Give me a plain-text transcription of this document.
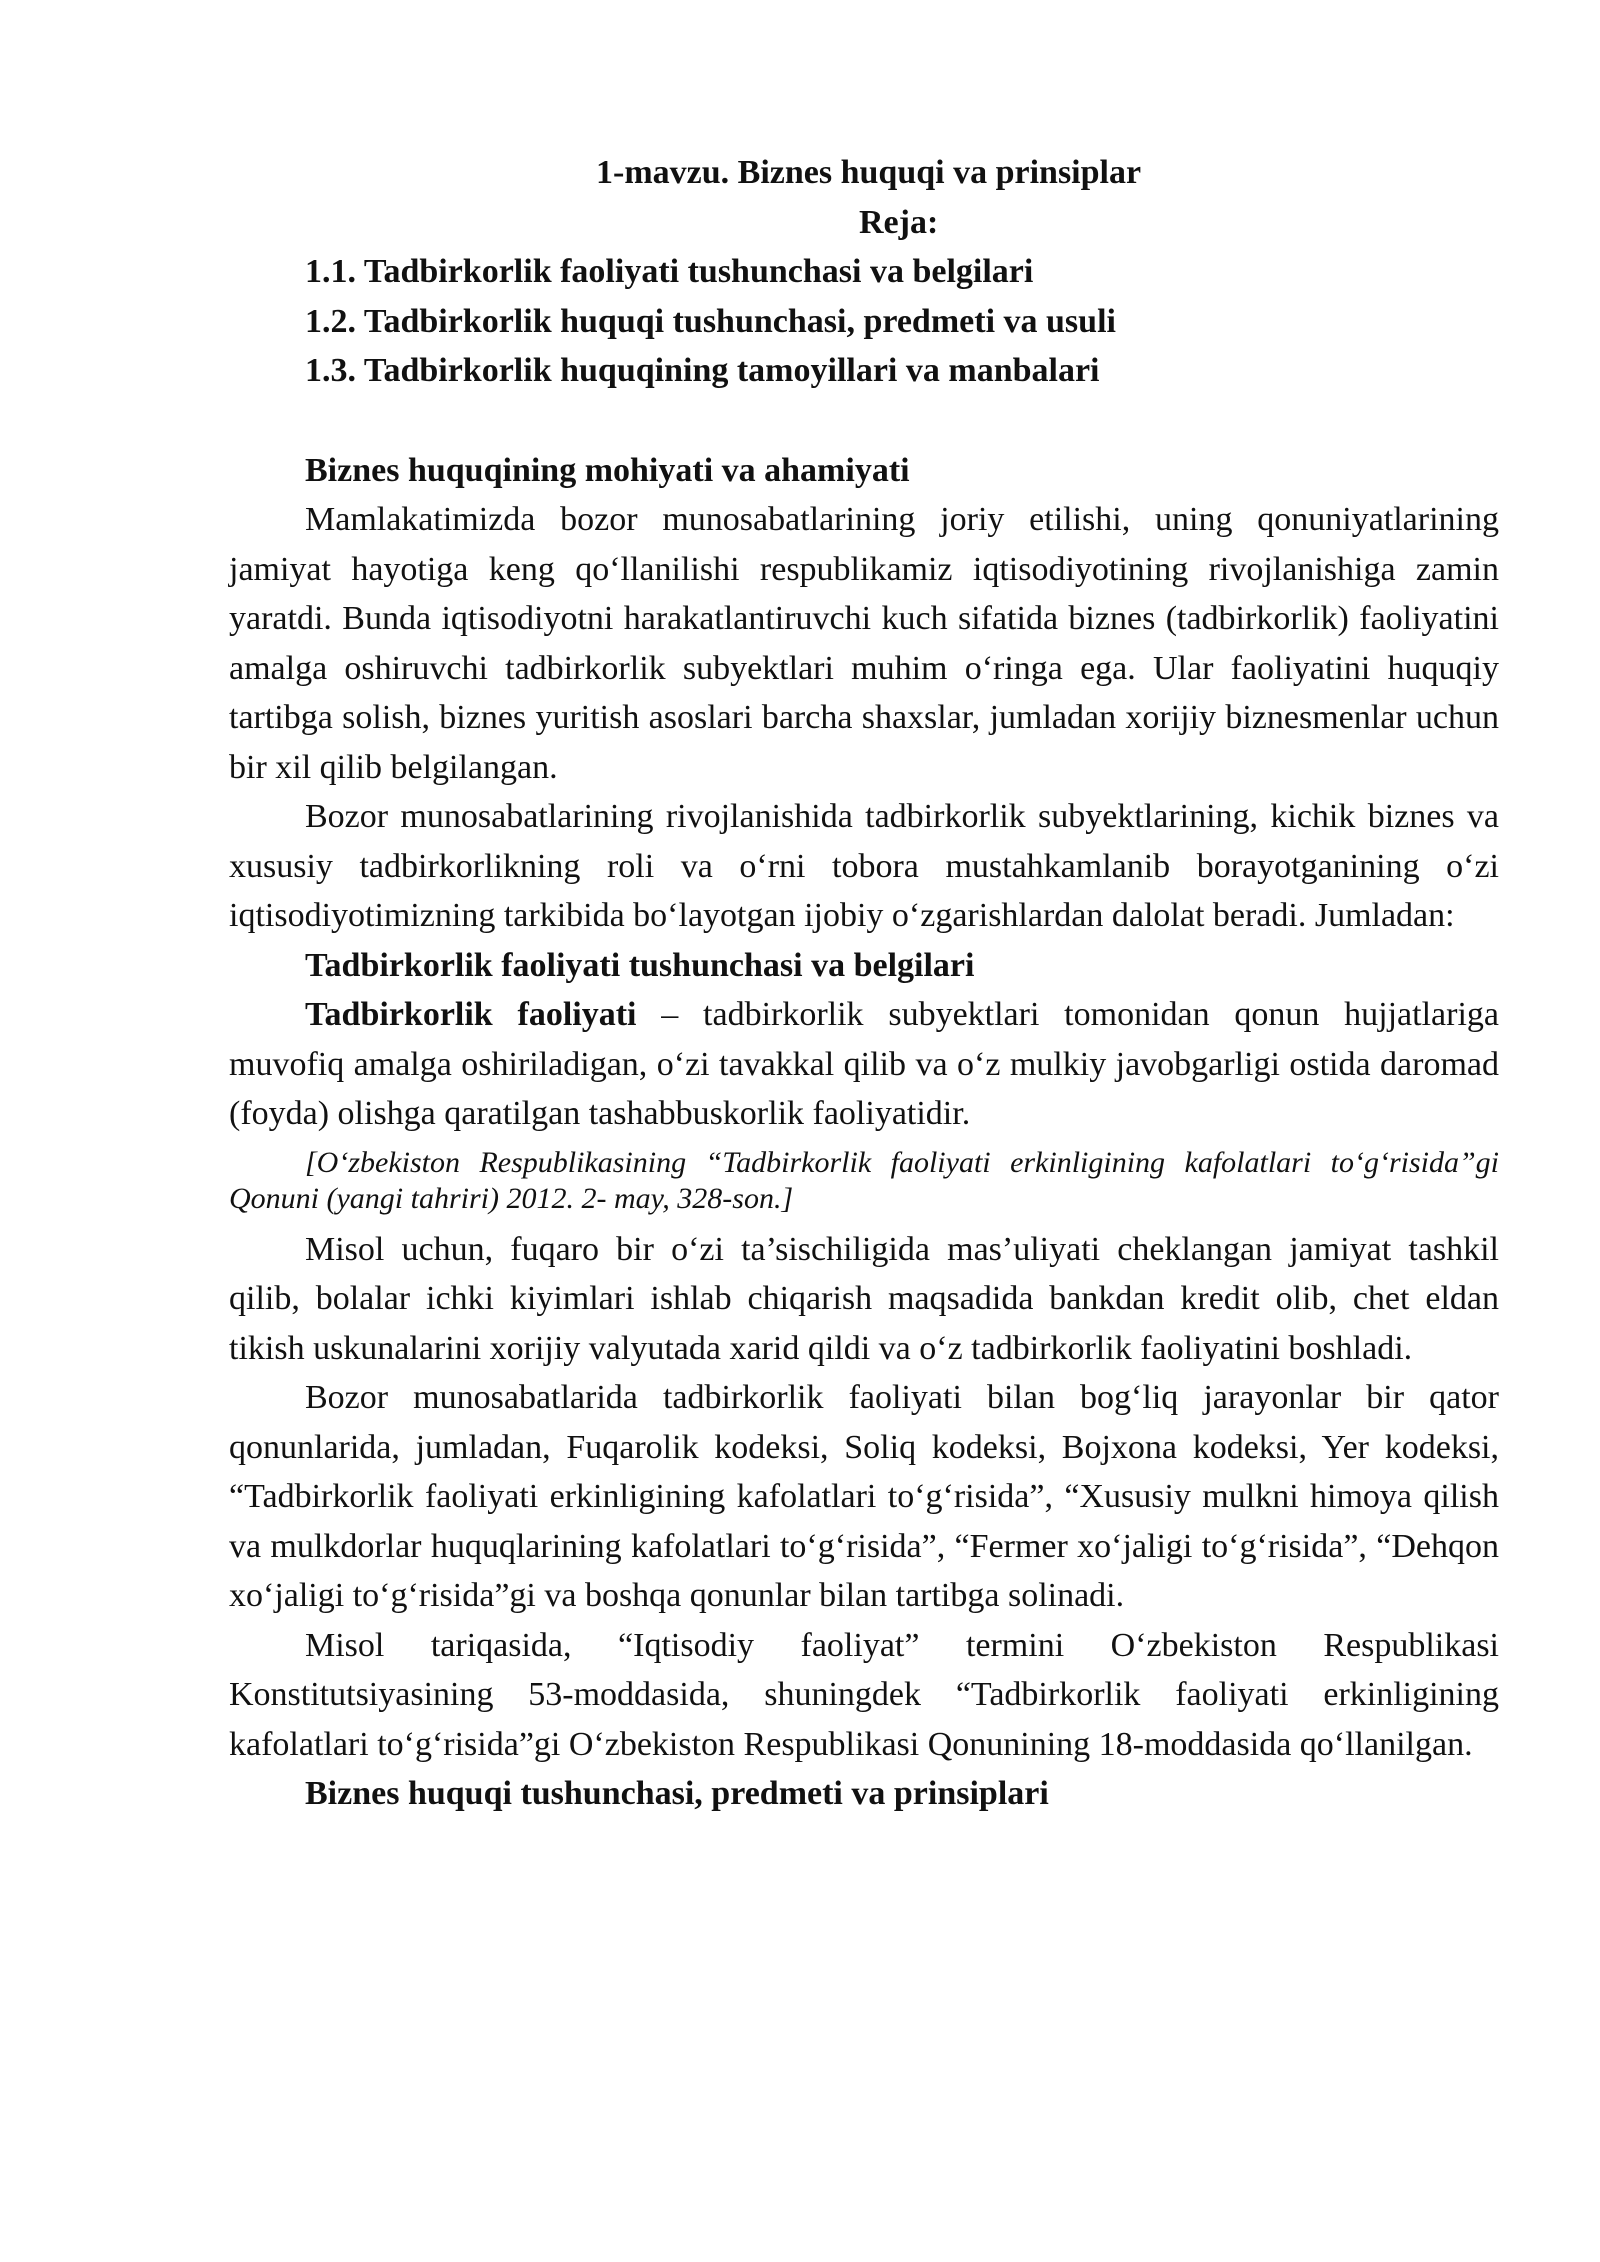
1-mavzu. Biznes huquqi va prinsiplar

Reja:

1.1. Tadbirkorlik faoliyati tushunchasi va belgilari

1.2. Tadbirkorlik huquqi tushunchasi, predmeti va usuli

1.3. Tadbirkorlik huquqining tamoyillari va manbalari

Biznes huquqining mohiyati va ahamiyati

Mamlakatimizda bozor munosabatlarining joriy etilishi, uning qonuniyatlarining jamiyat hayotiga keng qo‘llanilishi respublikamiz iqtisodiyotining rivojlanishiga zamin yaratdi. Bunda iqtisodiyotni harakatlantiruvchi kuch sifatida biznes (tadbirkorlik) faoliyatini amalga oshiruvchi tadbirkorlik subyektlari muhim o‘ringa ega. Ular faoliyatini huquqiy tartibga solish, biznes yuritish asoslari barcha shaxslar, jumladan xorijiy biznesmenlar uchun bir xil qilib belgilangan.

Bozor munosabatlarining rivojlanishida tadbirkorlik subyektlarining, kichik biznes va xususiy tadbirkorlikning roli va o‘rni tobora mustahkamlanib borayotganining o‘zi iqtisodiyotimizning tarkibida bo‘layotgan ijobiy o‘zgarishlardan dalolat beradi. Jumladan:

Tadbirkorlik faoliyati tushunchasi va belgilari

Tadbirkorlik faoliyati – tadbirkorlik subyektlari tomonidan qonun hujjatlariga muvofiq amalga oshiriladigan, o‘zi tavakkal qilib va o‘z mulkiy javobgarligi ostida daromad (foyda) olishga qaratilgan tashabbuskorlik faoliyatidir.

[O‘zbekiston Respublikasining “Tadbirkorlik faoliyati erkinligining kafolatlari to‘g‘risida”gi Qonuni (yangi tahriri) 2012. 2- may, 328-son.]

Misol uchun, fuqaro bir o‘zi ta’sischiligida mas’uliyati cheklangan jamiyat tashkil qilib, bolalar ichki kiyimlari ishlab chiqarish maqsadida bankdan kredit olib, chet eldan tikish uskunalarini xorijiy valyutada xarid qildi va o‘z tadbirkorlik faoliyatini boshladi.

Bozor munosabatlarida tadbirkorlik faoliyati bilan bog‘liq jarayonlar bir qator qonunlarida, jumladan, Fuqarolik kodeksi, Soliq kodeksi, Bojxona kodeksi, Yer kodeksi, “Tadbirkorlik faoliyati erkinligining kafolatlari to‘g‘risida”, “Xususiy mulkni himoya qilish va mulkdorlar huquqlarining kafolatlari to‘g‘risida”, “Fermer xo‘jaligi to‘g‘risida”, “Dehqon xo‘jaligi to‘g‘risida”gi va boshqa qonunlar bilan tartibga solinadi.

Misol tariqasida, “Iqtisodiy faoliyat” termini O‘zbekiston Respublikasi Konstitutsiyasining 53-moddasida, shuningdek “Tadbirkorlik faoliyati erkinligining kafolatlari to‘g‘risida”gi O‘zbekiston Respublikasi Qonunining 18-moddasida qo‘llanilgan.

Biznes huquqi tushunchasi, predmeti va prinsiplari
